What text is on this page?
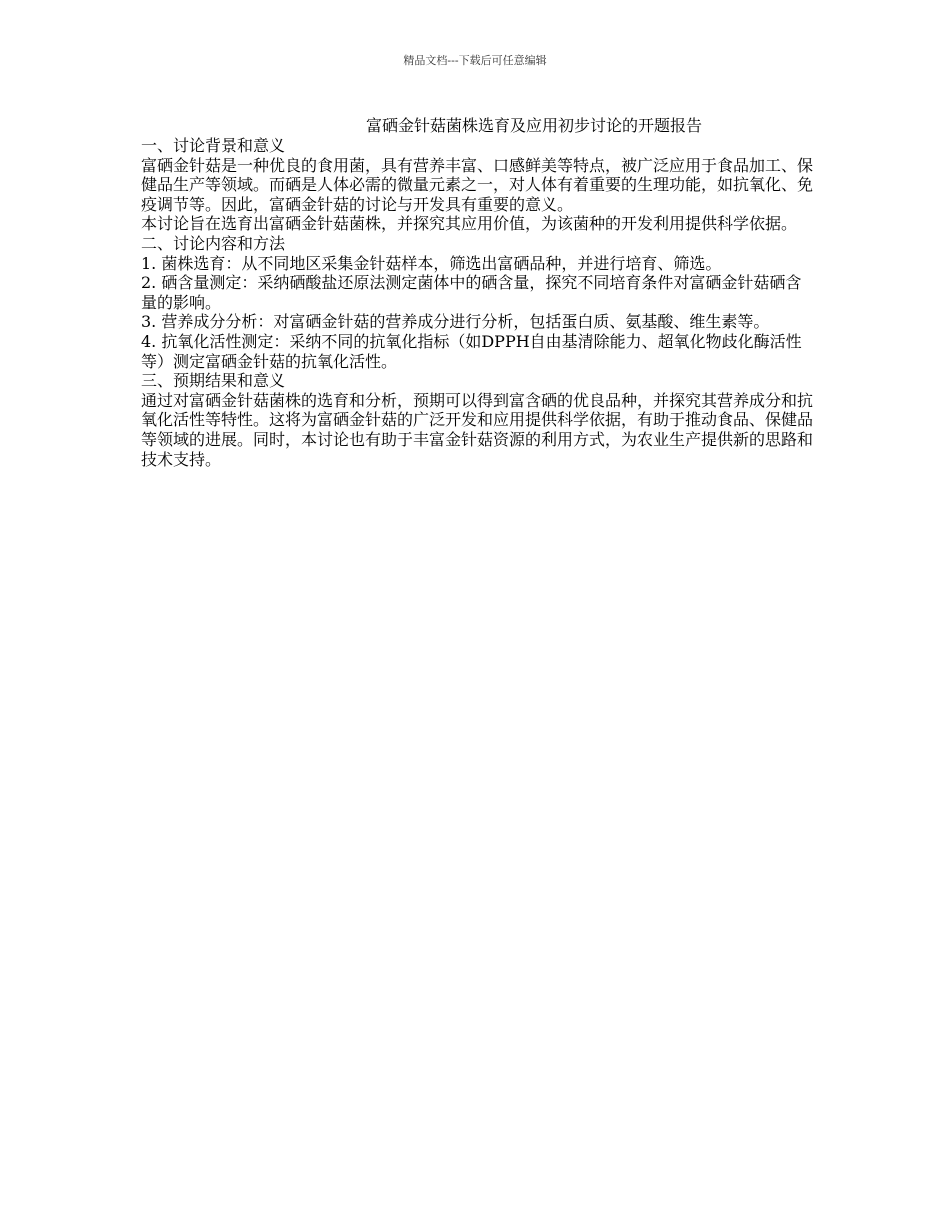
精品文档---下载后可任意编辑
富硒金针菇菌株选育及应用初步讨论的开题报告

一、讨论背景和意义

富硒金针菇是一种优良的食用菌，具有营养丰富、口感鲜美等特点，被广泛应用于食品加工、保健品生产等领域。而硒是人体必需的微量元素之一，对人体有着重要的生理功能，如抗氧化、免疫调节等。因此，富硒金针菇的讨论与开发具有重要的意义。

本讨论旨在选育出富硒金针菇菌株，并探究其应用价值，为该菌种的开发利用提供科学依据。

二、讨论内容和方法

1. 菌株选育：从不同地区采集金针菇样本，筛选出富硒品种，并进行培育、筛选。

2. 硒含量测定：采纳硒酸盐还原法测定菌体中的硒含量，探究不同培育条件对富硒金针菇硒含量的影响。

3. 营养成分分析：对富硒金针菇的营养成分进行分析，包括蛋白质、氨基酸、维生素等。

4. 抗氧化活性测定：采纳不同的抗氧化指标（如DPPH自由基清除能力、超氧化物歧化酶活性等）测定富硒金针菇的抗氧化活性。

三、预期结果和意义

通过对富硒金针菇菌株的选育和分析，预期可以得到富含硒的优良品种，并探究其营养成分和抗氧化活性等特性。这将为富硒金针菇的广泛开发和应用提供科学依据，有助于推动食品、保健品等领域的进展。同时，本讨论也有助于丰富金针菇资源的利用方式，为农业生产提供新的思路和技术支持。
